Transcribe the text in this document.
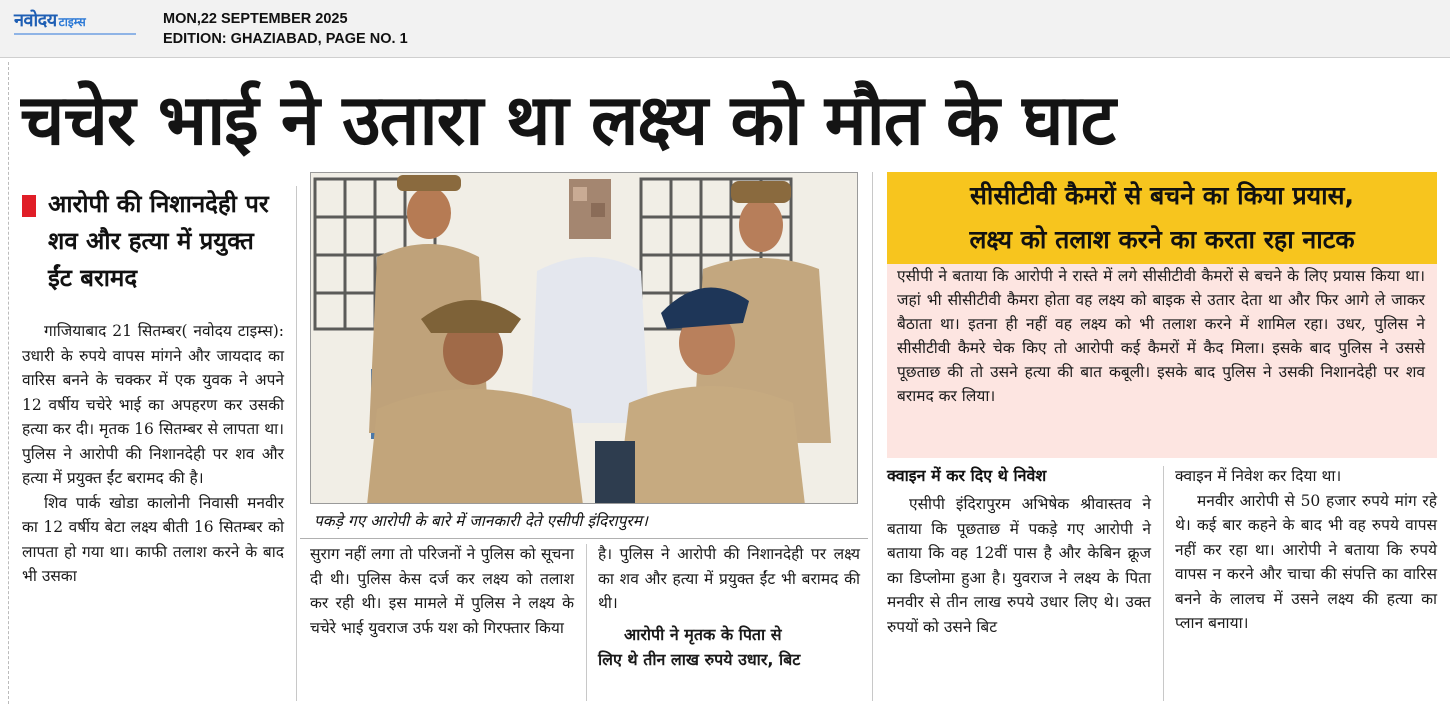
नवोदय टाइम्स	MON,22 SEPTEMBER 2025
EDITION: GHAZIABAD, PAGE NO. 1
चचेर भाई ने उतारा था लक्ष्य को मौत के घाट
आरोपी की निशानदेही पर शव और हत्या में प्रयुक्त ईंट बरामद

गाजियाबाद 21 सितम्बर( नवोदय टाइम्स): उधारी के रुपये वापस मांगने और जायदाद का वारिस बनने के चक्कर में एक युवक ने अपने 12 वर्षीय चचेरे भाई का अपहरण कर उसकी हत्या कर दी। मृतक 16 सितम्बर से लापता था। पुलिस ने आरोपी की निशानदेही पर शव और हत्या में प्रयुक्त ईंट बरामद की है।

शिव पार्क खोडा कालोनी निवासी मनवीर का 12 वर्षीय बेटा लक्ष्य बीती 16 सितम्बर को लापता हो गया था। काफी तलाश करने के बाद भी उसका

पकड़े गए आरोपी के बारे में जानकारी देते एसीपी इंदिरापुरम।

सुराग नहीं लगा तो परिजनों ने पुलिस को सूचना दी थी। पुलिस केस दर्ज कर लक्ष्य को तलाश कर रही थी। इस मामले में पुलिस ने लक्ष्य के चचेरे भाई युवराज उर्फ यश को गिरफ्तार किया

है। पुलिस ने आरोपी की निशानदेही पर लक्ष्य का शव और हत्या में प्रयुक्त ईंट भी बरामद की थी।

आरोपी ने मृतक के पिता से
लिए थे तीन लाख रुपये उधार, बिट
सीसीटीवी कैमरों से बचने का किया प्रयास,
लक्ष्य को तलाश करने का करता रहा नाटक
एसीपी ने बताया कि आरोपी ने रास्ते में लगे सीसीटीवी कैमरों से बचने के लिए प्रयास किया था। जहां भी सीसीटीवी कैमरा होता वह लक्ष्य को बाइक से उतार देता था और फिर आगे ले जाकर बैठाता था। इतना ही नहीं वह लक्ष्य को भी तलाश करने में शामिल रहा। उधर, पुलिस ने सीसीटीवी कैमरे चेक किए तो आरोपी कई कैमरों में कैद मिला। इसके बाद पुलिस ने उससे पूछताछ की तो उसने हत्या की बात कबूली। इसके बाद पुलिस ने उसकी निशानदेही पर शव बरामद कर लिया।
क्वाइन में कर दिए थे निवेश

एसीपी इंदिरापुरम अभिषेक श्रीवास्तव ने बताया कि पूछताछ में पकड़े गए आरोपी ने बताया कि वह 12वीं पास है और केबिन क्रूज का डिप्लोमा हुआ है। युवराज ने लक्ष्य के पिता मनवीर से तीन लाख रुपये उधार लिए थे। उक्त रुपयों को उसने बिट

क्वाइन में निवेश कर दिया था।

मनवीर आरोपी से 50 हजार रुपये मांग रहे थे। कई बार कहने के बाद भी वह रुपये वापस नहीं कर रहा था। आरोपी ने बताया कि रुपये वापस न करने और चाचा की संपत्ति का वारिस बनने के लालच में उसने लक्ष्य की हत्या का प्लान बनाया।
